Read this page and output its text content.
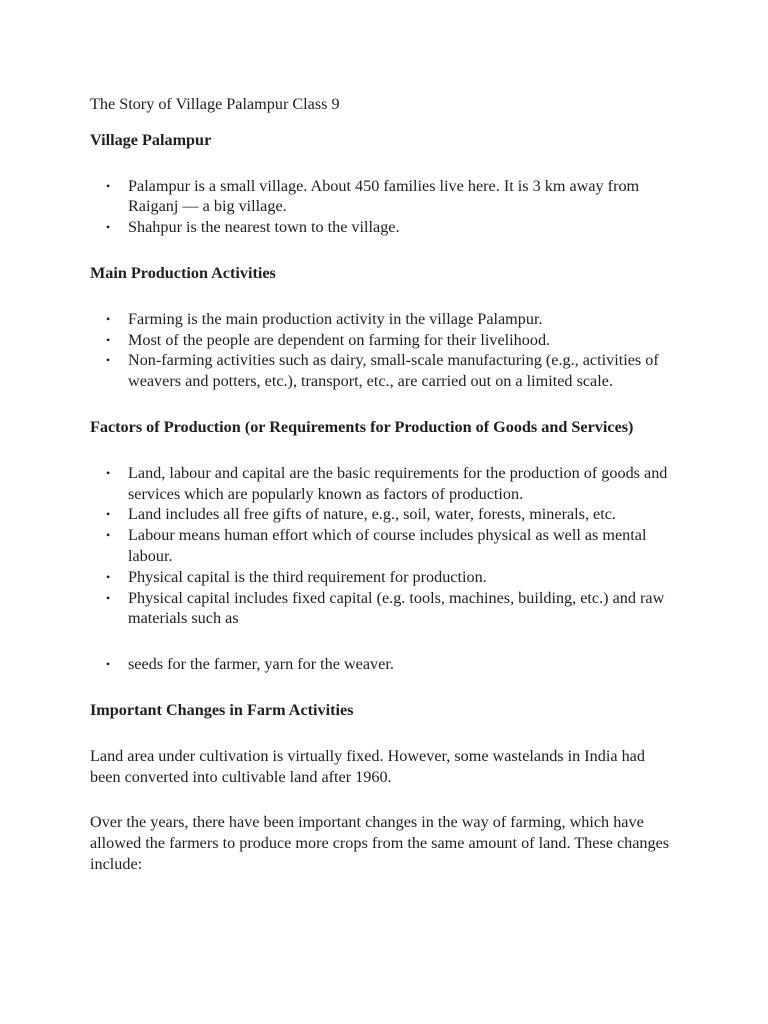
The Story of Village Palampur Class 9
Village Palampur
• Palampur is a small village. About 450 families live here. It is 3 km away from Raiganj — a big village.
• Shahpur is the nearest town to the village.
Main Production Activities
• Farming is the main production activity in the village Palampur.
• Most of the people are dependent on farming for their livelihood.
• Non-farming activities such as dairy, small-scale manufacturing (e.g., activities of weavers and potters, etc.), transport, etc., are carried out on a limited scale.
Factors of Production (or Requirements for Production of Goods and Services)
• Land, labour and capital are the basic requirements for the production of goods and services which are popularly known as factors of production.
• Land includes all free gifts of nature, e.g., soil, water, forests, minerals, etc.
• Labour means human effort which of course includes physical as well as mental labour.
• Physical capital is the third requirement for production.
• Physical capital includes fixed capital (e.g. tools, machines, building, etc.) and raw materials such as
• seeds for the farmer, yarn for the weaver.
Important Changes in Farm Activities

Land area under cultivation is virtually fixed. However, some wastelands in India had been converted into cultivable land after 1960.

Over the years, there have been important changes in the way of farming, which have allowed the farmers to produce more crops from the same amount of land. These changes include:
